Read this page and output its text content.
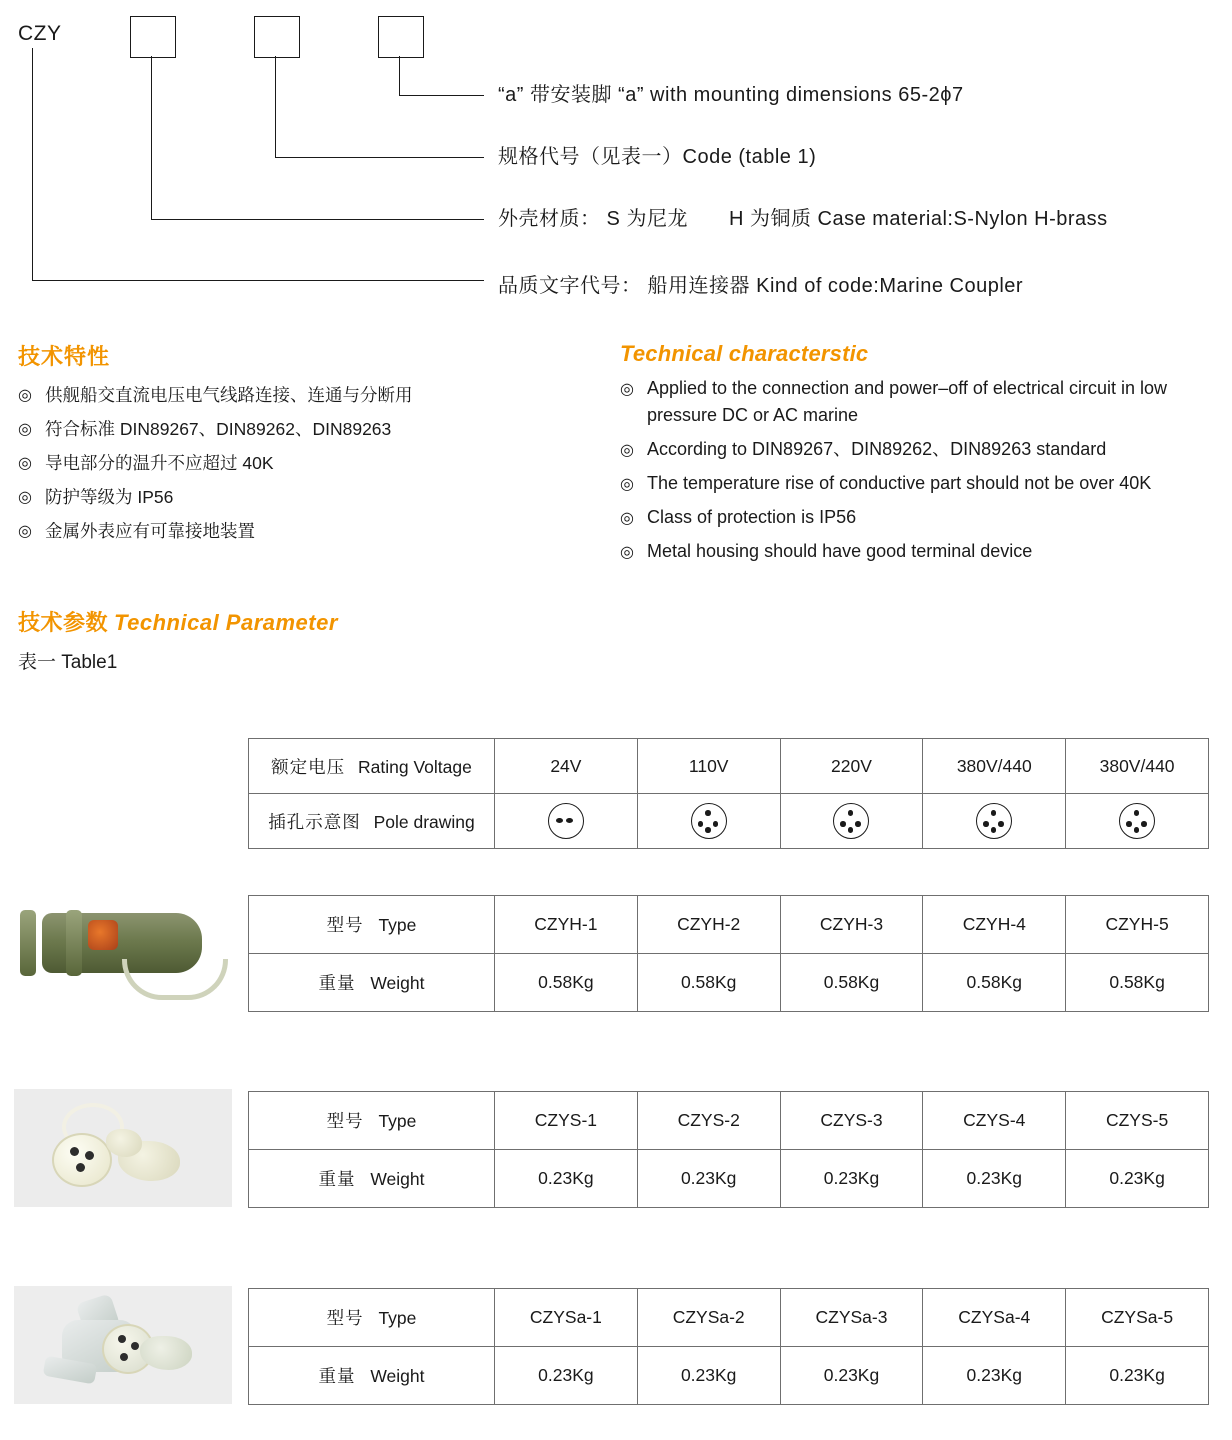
CZY
“a” 带安装脚 “a” with mounting dimensions 65-2ϕ7
规格代号（见表一）Code (table 1)
外壳材质： S 为尼龙　　H 为铜质 Case material:S-Nylon H-brass
品质文字代号： 船用连接器 Kind of code:Marine Coupler
技术特性	Technical characterstic
◎ 供舰船交直流电压电气线路连接、连通与分断用
◎ 符合标准 DIN89267、DIN89262、DIN89263
◎ 导电部分的温升不应超过 40K
◎ 防护等级为 IP56
◎ 金属外表应有可靠接地装置
◎ Applied to the connection and power–off of electrical circuit in low pressure DC or AC marine
◎ According to DIN89267、DIN89262、DIN89263 standard
◎ The temperature rise of conductive part should not be over 40K
◎ Class of protection is IP56
◎ Metal housing should have good terminal device
技术参数 Technical Parameter
表一 Table1
额定电压 Rating Voltage	24V	110V	220V	380V/440	380V/440
插孔示意图 Pole drawing	

型号 Type	CZYH-1	CZYH-2	CZYH-3	CZYH-4	CZYH-5
重量 Weight	0.58Kg	0.58Kg	0.58Kg	0.58Kg	0.58Kg
型号 Type	CZYS-1	CZYS-2	CZYS-3	CZYS-4	CZYS-5
重量 Weight	0.23Kg	0.23Kg	0.23Kg	0.23Kg	0.23Kg
型号 Type	CZYSa-1	CZYSa-2	CZYSa-3	CZYSa-4	CZYSa-5
重量 Weight	0.23Kg	0.23Kg	0.23Kg	0.23Kg	0.23Kg
